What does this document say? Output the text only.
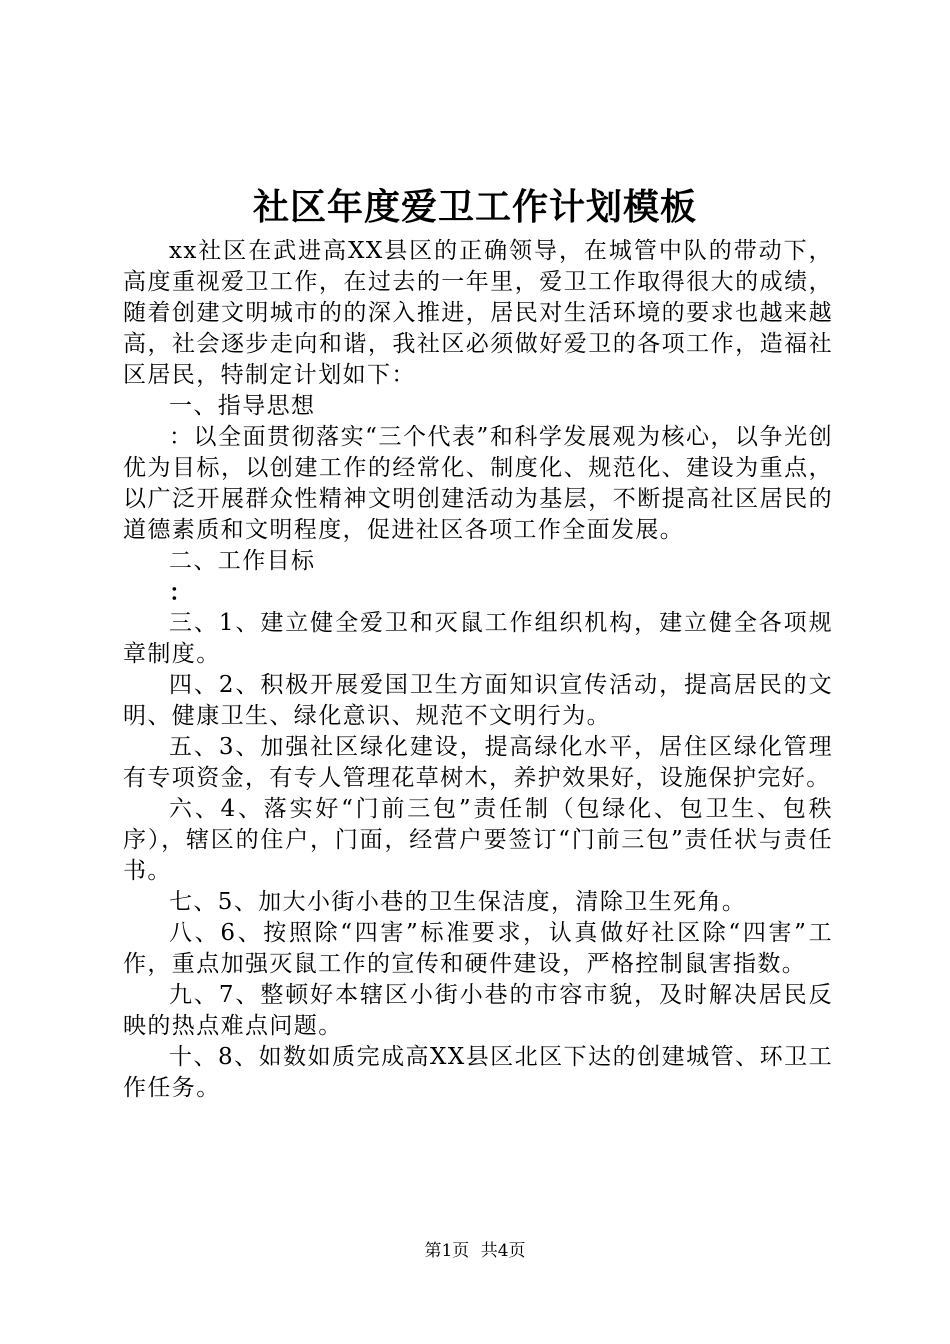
社区年度爱卫工作计划模板

xx社区在武进高XX县区的正确领导，在城管中队的带动下，高度重视爱卫工作，在过去的一年里，爱卫工作取得很大的成绩，随着创建文明城市的的深入推进，居民对生活环境的要求也越来越高，社会逐步走向和谐，我社区必须做好爱卫的各项工作，造福社区居民，特制定计划如下：

一、指导思想

：以全面贯彻落实“三个代表”和科学发展观为核心，以争光创优为目标，以创建工作的经常化、制度化、规范化、建设为重点，以广泛开展群众性精神文明创建活动为基层，不断提高社区居民的道德素质和文明程度，促进社区各项工作全面发展。

二、工作目标

：

三、1、建立健全爱卫和灭鼠工作组织机构，建立健全各项规章制度。

四、2、积极开展爱国卫生方面知识宣传活动，提高居民的文明、健康卫生、绿化意识、规范不文明行为。

五、3、加强社区绿化建设，提高绿化水平，居住区绿化管理有专项资金，有专人管理花草树木，养护效果好，设施保护完好。

六、4、落实好“门前三包”责任制（包绿化、包卫生、包秩序），辖区的住户，门面，经营户要签订“门前三包”责任状与责任书。

七、5、加大小街小巷的卫生保洁度，清除卫生死角。

八、6、按照除“四害”标准要求，认真做好社区除“四害”工作，重点加强灭鼠工作的宣传和硬件建设，严格控制鼠害指数。

九、7、整顿好本辖区小街小巷的市容市貌，及时解决居民反映的热点难点问题。

十、8、如数如质完成高XX县区北区下达的创建城管、环卫工作任务。

第1页 共4页
